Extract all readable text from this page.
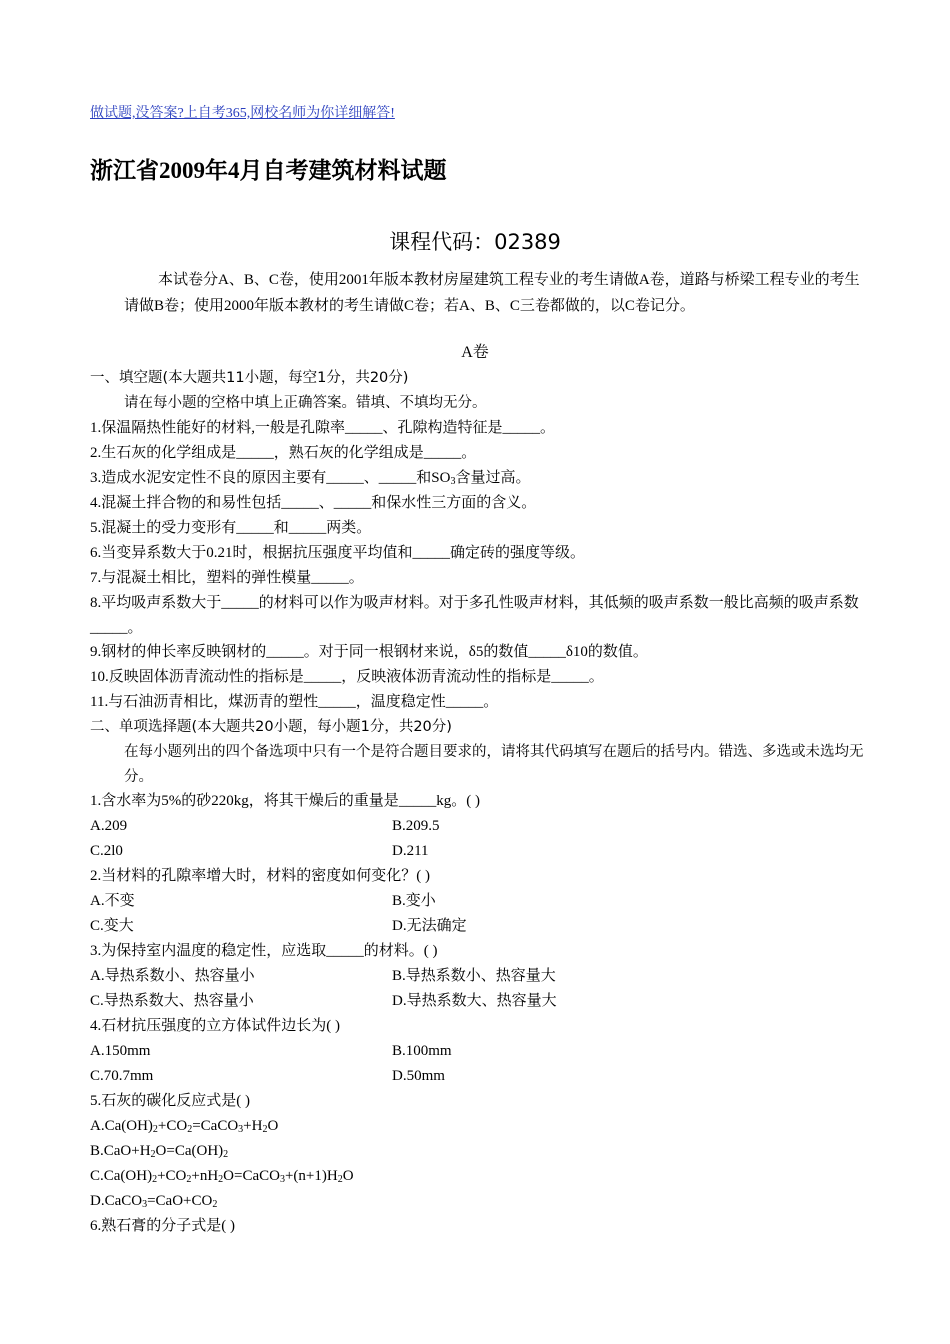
做试题,没答案?上自考365,网校名师为你详细解答!
浙江省2009年4月自考建筑材料试题
课程代码：02389
本试卷分A、B、C卷，使用2001年版本教材房屋建筑工程专业的考生请做A卷，道路与桥梁工程专业的考生请做B卷；使用2000年版本教材的考生请做C卷；若A、B、C三卷都做的，以C卷记分。
A卷
一、填空题(本大题共11小题，每空1分，共20分)
请在每小题的空格中填上正确答案。错填、不填均无分。
1.保温隔热性能好的材料,一般是孔隙率_____、孔隙构造特征是_____。
2.生石灰的化学组成是_____，熟石灰的化学组成是_____。
3.造成水泥安定性不良的原因主要有_____、_____和$SO_3$含量过高。
4.混凝土拌合物的和易性包括_____、_____和保水性三方面的含义。
5.混凝土的受力变形有_____和_____两类。
6.当变异系数大于0.21时，根据抗压强度平均值和_____确定砖的强度等级。
7.与混凝土相比，塑料的弹性模量_____。
8.平均吸声系数大于_____的材料可以作为吸声材料。对于多孔性吸声材料，其低频的吸声系数一般比高频的吸声系数_____。
9.钢材的伸长率反映钢材的_____。对于同一根钢材来说，δ5的数值_____δ10的数值。
10.反映固体沥青流动性的指标是_____，反映液体沥青流动性的指标是_____。
11.与石油沥青相比，煤沥青的塑性_____，温度稳定性_____。
二、单项选择题(本大题共20小题，每小题1分，共20分)
在每小题列出的四个备选项中只有一个是符合题目要求的，请将其代码填写在题后的括号内。错选、多选或未选均无分。
1.含水率为5%的砂220kg，将其干燥后的重量是_____kg。( )
A.209	B.209.5
C.2l0	D.211
2.当材料的孔隙率增大时，材料的密度如何变化？( )
A.不变	B.变小
C.变大	D.无法确定
3.为保持室内温度的稳定性，应选取_____的材料。( )
A.导热系数小、热容量小	B.导热系数小、热容量大
C.导热系数大、热容量小	D.导热系数大、热容量大
4.石材抗压强度的立方体试件边长为( )
A.150mm	B.100mm
C.70.7mm	D.50mm
5.石灰的碳化反应式是( )
$A.Ca(OH)_2+CO_2=CaCO_3+H_2O$
$B.CaO+H_2O=Ca(OH)_2$
$C.Ca(OH)_2+CO_2+nH_2O=CaCO_3+(n+1)H_2O$
$D.CaCO_3=CaO+CO_2$
6.熟石膏的分子式是( )
